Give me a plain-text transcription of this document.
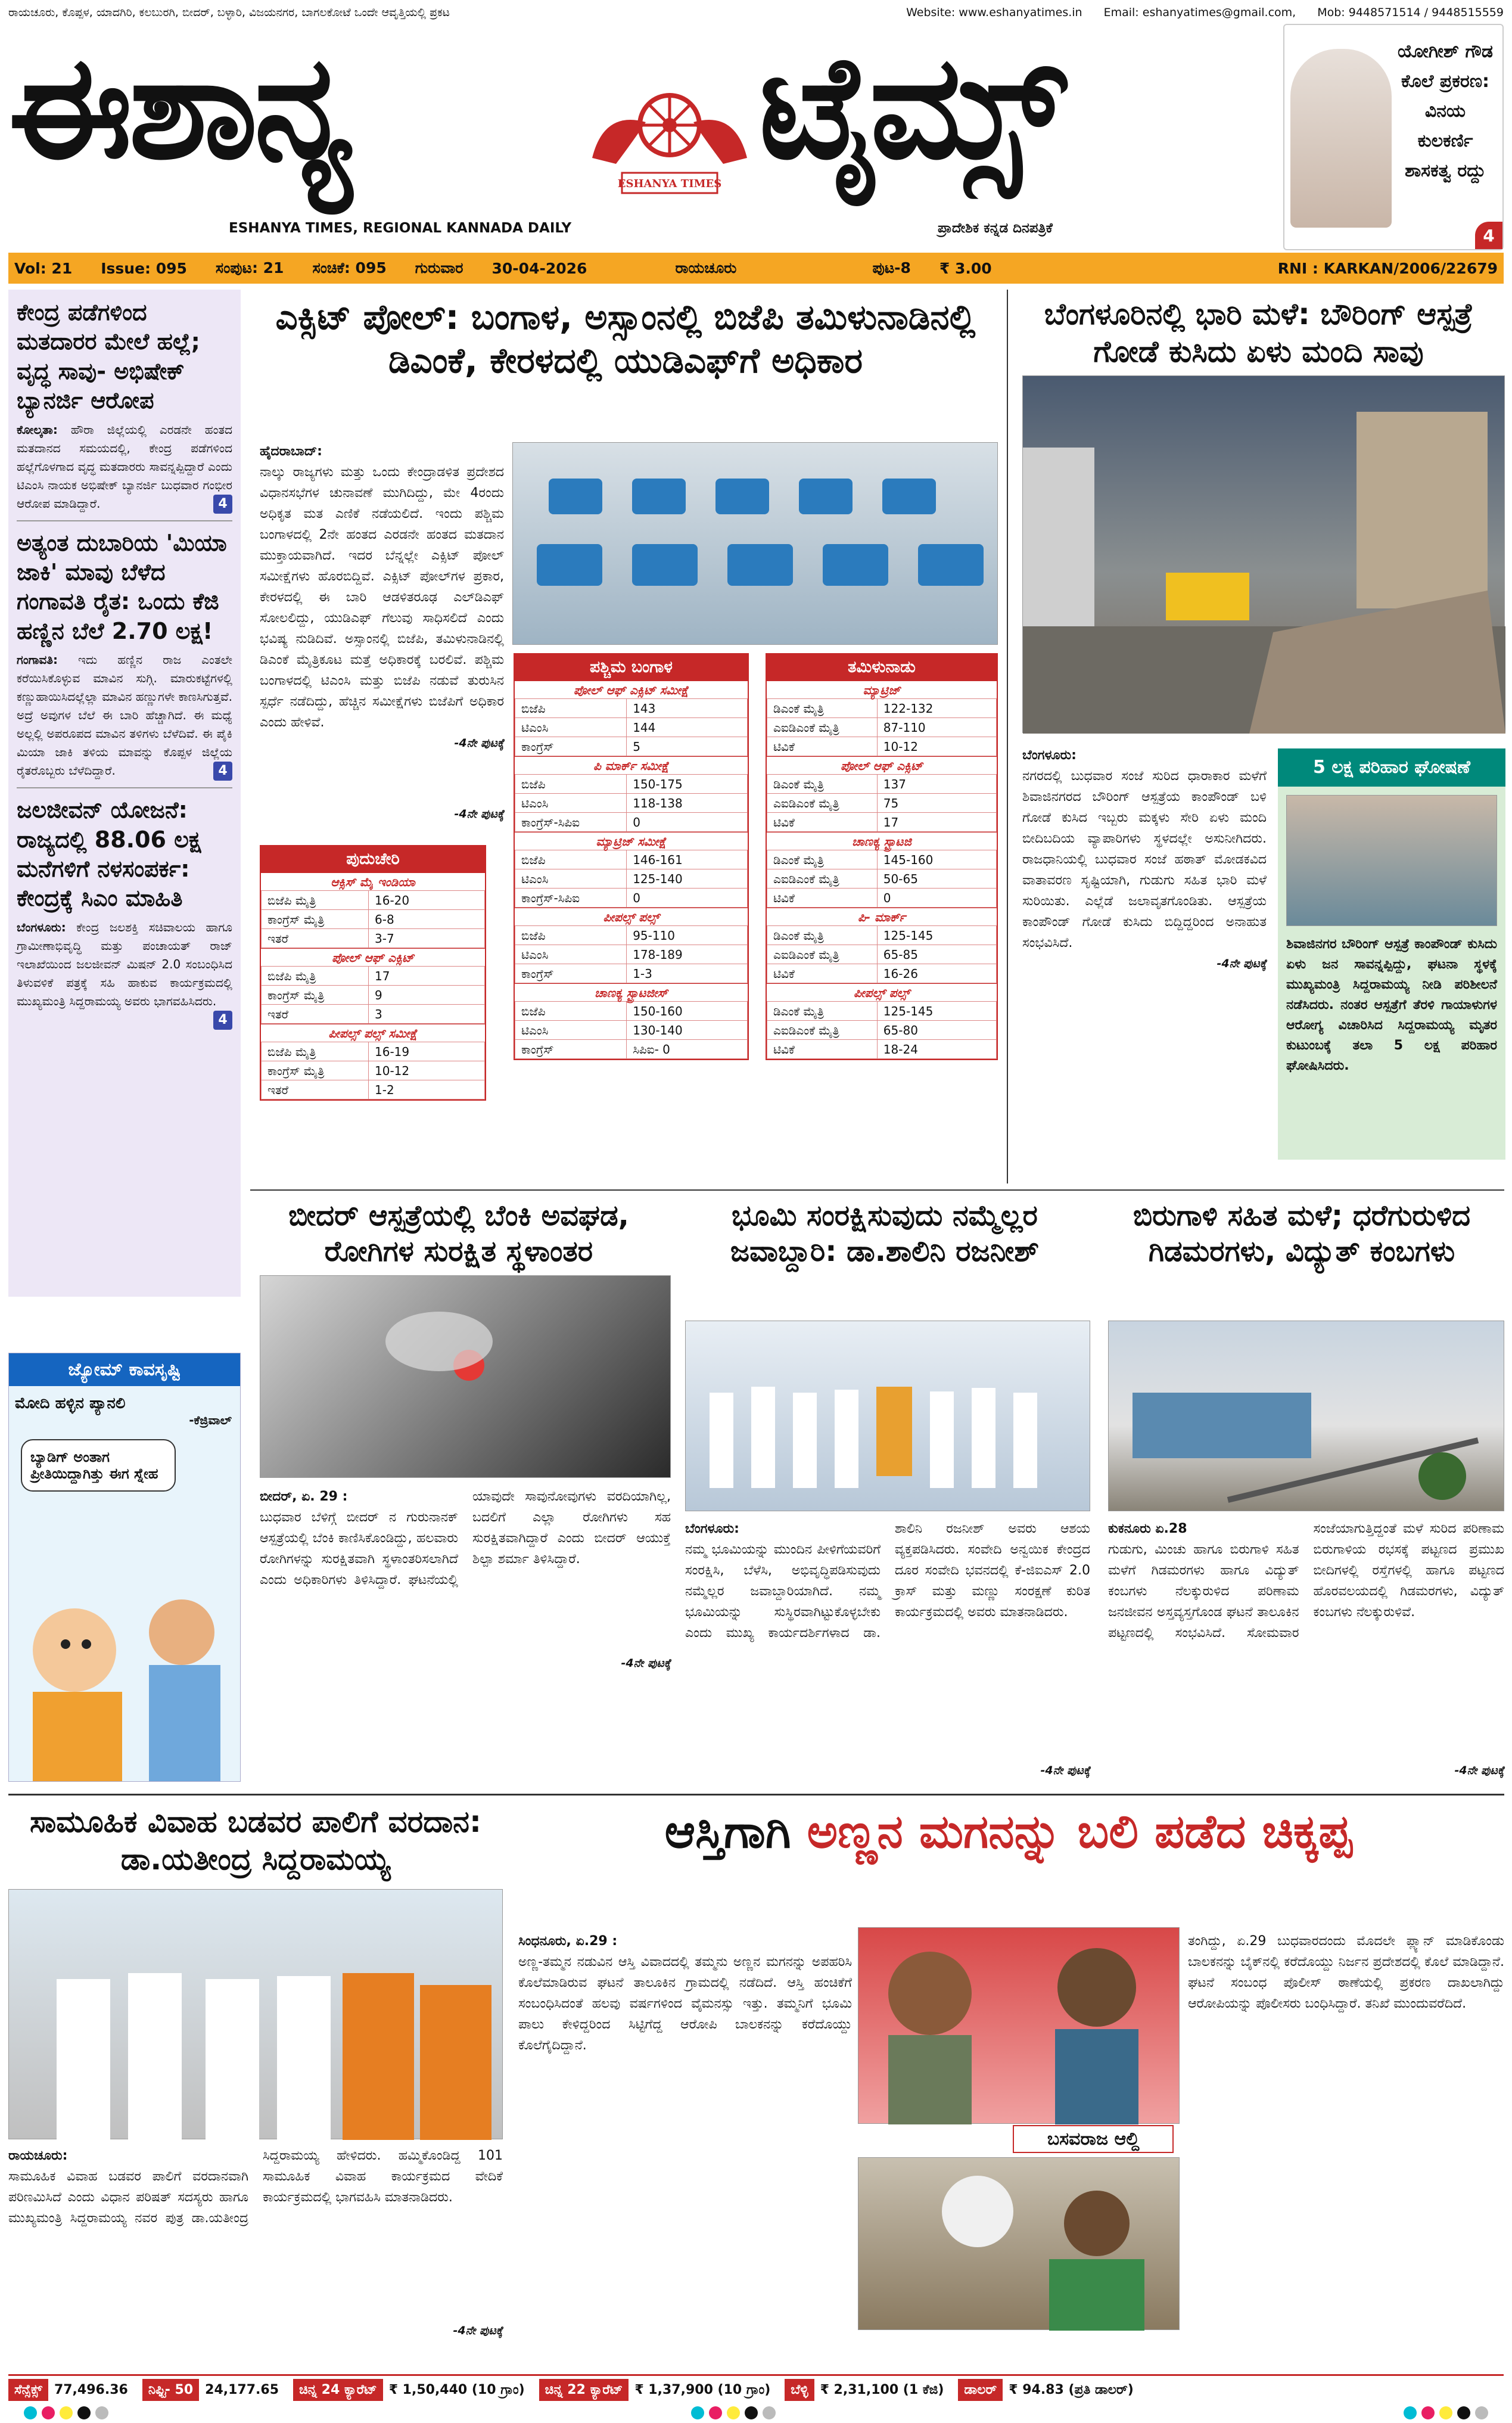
ರಾಯಚೂರು, ಕೊಪ್ಪಳ, ಯಾದಗಿರಿ, ಕಲಬುರಗಿ, ಬೀದರ್, ಬಳ್ಳಾರಿ, ವಿಜಯನಗರ, ಬಾಗಲಕೋಟೆ ಒಂದೇ ಆವೃತ್ತಿಯಲ್ಲಿ ಪ್ರಕಟ	Website: www.eshanyatimes.in Email: eshanyatimes@gmail.com, Mob: 9448571514 / 9448515559
ಈಶಾನ್ಯ	ESHANYA TIMES ಟೈಮ್ಸ್
ESHANYA TIMES, REGIONAL KANNADA DAILY	ಪ್ರಾದೇಶಿಕ ಕನ್ನಡ ದಿನಪತ್ರಿಕೆ
ಯೋಗೀಶ್ ಗೌಡ
ಕೊಲೆ ಪ್ರಕರಣ:
ವಿನಯ
ಕುಲಕರ್ಣಿ
ಶಾಸಕತ್ವ ರದ್ದು
4
Vol: 21 Issue: 095 ಸಂಪುಟ: 21 ಸಂಚಿಕೆ: 095 ಗುರುವಾರ 30-04-2026	ರಾಯಚೂರು	ಪುಟ-8 ₹ 3.00	RNI : KARKAN/2006/22679
ಕೇಂದ್ರ ಪಡೆಗಳಿಂದ ಮತದಾರರ ಮೇಲೆ ಹಲ್ಲೆ; ವೃದ್ಧ ಸಾವು- ಅಭಿಷೇಕ್ ಬ್ಯಾನರ್ಜಿ ಆರೋಪ
ಕೋಲ್ಕತಾ: ಹೌರಾ ಜಿಲ್ಲೆಯಲ್ಲಿ ಎರಡನೇ ಹಂತದ ಮತದಾನದ ಸಮಯದಲ್ಲಿ, ಕೇಂದ್ರ ಪಡೆಗಳಿಂದ ಹಲ್ಲೆಗೊಳಗಾದ ವೃದ್ಧ ಮತದಾರರು ಸಾವನ್ನಪ್ಪಿದ್ದಾರೆ ಎಂದು ಟಿಎಂಸಿ ನಾಯಕ ಅಭಿಷೇಕ್ ಬ್ಯಾನರ್ಜಿ ಬುಧವಾರ ಗಂಭೀರ ಆರೋಪ ಮಾಡಿದ್ದಾರೆ.	4
ಅತ್ಯಂತ ದುಬಾರಿಯ 'ಮಿಯಾ ಜಾಕಿ' ಮಾವು ಬೆಳೆದ ಗಂಗಾವತಿ ರೈತ: ಒಂದು ಕೆಜಿ ಹಣ್ಣಿನ ಬೆಲೆ 2.70 ಲಕ್ಷ!
ಗಂಗಾವತಿ: ಇದು ಹಣ್ಣಿನ ರಾಜ ಎಂತಲೇ ಕರೆಯಿಸಿಕೊಳ್ಳುವ ಮಾವಿನ ಸುಗ್ಗಿ. ಮಾರುಕಟ್ಟೆಗಳಲ್ಲಿ ಕಣ್ಣುಹಾಯಿಸಿದಲ್ಲೆಲ್ಲಾ ಮಾವಿನ ಹಣ್ಣುಗಳೇ ಕಾಣಸಿಗುತ್ತವೆ. ಅದ್ರೆ ಅವುಗಳ ಬೆಲೆ ಈ ಬಾರಿ ಹೆಚ್ಚಾಗಿದೆ. ಈ ಮಧ್ಯೆ ಅಲ್ಲಲ್ಲಿ ಅಪರೂಪದ ಮಾವಿನ ತಳಿಗಳು ಬೆಳೆದಿವೆ. ಈ ಪೈಕಿ ಮಿಯಾ ಜಾಕಿ ತಳಿಯ ಮಾವನ್ನು ಕೊಪ್ಪಳ ಜಿಲ್ಲೆಯ ರೈತರೊಬ್ಬರು ಬೆಳೆದಿದ್ದಾರೆ.	4
ಜಲಜೀವನ್ ಯೋಜನೆ: ರಾಜ್ಯದಲ್ಲಿ 88.06 ಲಕ್ಷ ಮನೆಗಳಿಗೆ ನಳಸಂಪರ್ಕ: ಕೇಂದ್ರಕ್ಕೆ ಸಿಎಂ ಮಾಹಿತಿ
ಬೆಂಗಳೂರು: ಕೇಂದ್ರ ಜಲಶಕ್ತಿ ಸಚಿವಾಲಯ ಹಾಗೂ ಗ್ರಾಮೀಣಾಭಿವೃದ್ಧಿ ಮತ್ತು ಪಂಚಾಯತ್ ರಾಜ್ ಇಲಾಖೆಯಿಂದ ಜಲಜೀವನ್ ಮಿಷನ್ 2.0 ಸಂಬಂಧಿಸಿದ ತಿಳುವಳಿಕೆ ಪತ್ರಕ್ಕೆ ಸಹಿ ಹಾಕುವ ಕಾರ್ಯಕ್ರಮದಲ್ಲಿ ಮುಖ್ಯಮಂತ್ರಿ ಸಿದ್ದರಾಮಯ್ಯ ಅವರು ಭಾಗವಹಿಸಿದರು.
4
ಜ್ಯೋಮ್ ಕಾವಸೃಷ್ಟಿ
ಮೋದಿ ಹಳ್ಳಿನ ಪ್ಯಾನಲಿ
-ಕೆಜ್ರಿವಾಲ್
ಬ್ಯಾಡಿಗ್ ಅಂತಾಗ ಪ್ರೀತಿಯಿದ್ದಾಗಿತ್ತು ಈಗ ಸ್ನೇಹ
ಎಕ್ಸಿಟ್ ಪೋಲ್: ಬಂಗಾಳ, ಅಸ್ಸಾಂನಲ್ಲಿ ಬಿಜೆಪಿ ತಮಿಳುನಾಡಿನಲ್ಲಿ ಡಿಎಂಕೆ, ಕೇರಳದಲ್ಲಿ ಯುಡಿಎಫ್‌ಗೆ ಅಧಿಕಾರ
ಹೈದರಾಬಾದ್:
ನಾಲ್ಕು ರಾಜ್ಯಗಳು ಮತ್ತು ಒಂದು ಕೇಂದ್ರಾಡಳಿತ ಪ್ರದೇಶದ ವಿಧಾನಸಭೆಗಳ ಚುನಾವಣೆ ಮುಗಿದಿದ್ದು, ಮೇ 4ರಂದು ಅಧಿಕೃತ ಮತ ಎಣಿಕೆ ನಡೆಯಲಿದೆ. ಇಂದು ಪಶ್ಚಿಮ ಬಂಗಾಳದಲ್ಲಿ 2ನೇ ಹಂತದ ಎರಡನೇ ಹಂತದ ಮತದಾನ ಮುಕ್ತಾಯವಾಗಿದೆ. ಇದರ ಬೆನ್ನಲ್ಲೇ ಎಕ್ಸಿಟ್ ಪೋಲ್ ಸಮೀಕ್ಷೆಗಳು ಹೊರಬಿದ್ದಿವೆ. ಎಕ್ಸಿಟ್ ಪೋಲ್‌ಗಳ ಪ್ರಕಾರ, ಕೇರಳದಲ್ಲಿ ಈ ಬಾರಿ ಆಡಳಿತರೂಢ ಎಲ್‌ಡಿಎಫ್‌ ಸೋಲಲಿದ್ದು, ಯುಡಿಎಫ್ ಗೆಲುವು ಸಾಧಿಸಲಿದೆ ಎಂದು ಭವಿಷ್ಯ ನುಡಿದಿವೆ. ಅಸ್ಸಾಂನಲ್ಲಿ ಬಿಜೆಪಿ, ತಮಿಳುನಾಡಿನಲ್ಲಿ ಡಿಎಂಕೆ ಮೈತ್ರಿಕೂಟ ಮತ್ತೆ ಅಧಿಕಾರಕ್ಕೆ ಬರಲಿವೆ. ಪಶ್ಚಿಮ ಬಂಗಾಳದಲ್ಲಿ ಟಿಎಂಸಿ ಮತ್ತು ಬಿಜೆಪಿ ನಡುವೆ ತುರುಸಿನ ಸ್ಪರ್ಧೆ ನಡೆದಿದ್ದು, ಹೆಚ್ಚಿನ ಸಮೀಕ್ಷೆಗಳು ಬಿಜೆಪಿಗೆ ಅಧಿಕಾರ ಎಂದು ಹೇಳಿವೆ.
-4ನೇ ಪುಟಕ್ಕೆ
ಪುದುಚೇರಿ
ಆಕ್ಸಿಸ್ ಮೈ ಇಂಡಿಯಾ
ಬಿಜೆಪಿ ಮೈತ್ರಿ	16-20
ಕಾಂಗ್ರೆಸ್ ಮೈತ್ರಿ	6-8
ಇತರೆ	3-7
ಪೋಲ್ ಆಫ್ ಎಕ್ಸಿಟ್
ಬಿಜೆಪಿ ಮೈತ್ರಿ	17
ಕಾಂಗ್ರೆಸ್ ಮೈತ್ರಿ	9
ಇತರೆ	3
ಪೀಪಲ್ಸ್ ಪಲ್ಸ್ ಸಮೀಕ್ಷೆ
ಬಿಜೆಪಿ ಮೈತ್ರಿ	16-19
ಕಾಂಗ್ರೆಸ್ ಮೈತ್ರಿ	10-12
ಇತರೆ	1-2
ಪಶ್ಚಿಮ ಬಂಗಾಳ
ಪೋಲ್ ಆಫ್ ಎಕ್ಸಿಟ್ ಸಮೀಕ್ಷೆ
ಬಿಜೆಪಿ	143
ಟಿಎಂಸಿ	144
ಕಾಂಗ್ರೆಸ್	5
ಪಿ ಮಾರ್ಕ್ ಸಮೀಕ್ಷೆ
ಬಿಜೆಪಿ	150-175
ಟಿಎಂಸಿ	118-138
ಕಾಂಗ್ರೆಸ್-ಸಿಪಿಐ	0
ಮ್ಯಾಟ್ರಿಜ್ ಸಮೀಕ್ಷೆ
ಬಿಜೆಪಿ	146-161
ಟಿಎಂಸಿ	125-140
ಕಾಂಗ್ರೆಸ್-ಸಿಪಿಐ	0
ಪೀಪಲ್ಸ್ ಪಲ್ಸ್
ಬಿಜೆಪಿ	95-110
ಟಿಎಂಸಿ	178-189
ಕಾಂಗ್ರೆಸ್	1-3
ಚಾಣಕ್ಯ ಸ್ಟ್ರಾಟಜೀಸ್
ಬಿಜೆಪಿ	150-160
ಟಿಎಂಸಿ	130-140
ಕಾಂಗ್ರೆಸ್	ಸಿಪಿಐ- 0
ತಮಿಳುನಾಡು
ಮ್ಯಾಟ್ರಿಜ್
ಡಿಎಂಕೆ ಮೈತ್ರಿ	122-132
ಎಐಡಿಎಂಕೆ ಮೈತ್ರಿ	87-110
ಟಿವಿಕೆ	10-12
ಪೋಲ್ ಆಫ್ ಎಕ್ಸಿಟ್
ಡಿಎಂಕೆ ಮೈತ್ರಿ	137
ಎಐಡಿಎಂಕೆ ಮೈತ್ರಿ	75
ಟಿವಿಕೆ	17
ಚಾಣಕ್ಯ ಸ್ಟ್ರಾಟಜಿ
ಡಿಎಂಕೆ ಮೈತ್ರಿ	145-160
ಎಐಡಿಎಂಕೆ ಮೈತ್ರಿ	50-65
ಟಿವಿಕೆ	0
ಪಿ- ಮಾರ್ಕ್
ಡಿಎಂಕೆ ಮೈತ್ರಿ	125-145
ಎಐಡಿಎಂಕೆ ಮೈತ್ರಿ	65-85
ಟಿವಿಕೆ	16-26
ಪೀಪಲ್ಸ್ ಪಲ್ಸ್
ಡಿಎಂಕೆ ಮೈತ್ರಿ	125-145
ಎಐಡಿಎಂಕೆ ಮೈತ್ರಿ	65-80
ಟಿವಿಕೆ	18-24
-4ನೇ ಪುಟಕ್ಕೆ
ಬೆಂಗಳೂರಿನಲ್ಲಿ ಭಾರಿ ಮಳೆ: ಬೌರಿಂಗ್ ಆಸ್ಪತ್ರೆ ಗೋಡೆ ಕುಸಿದು ಏಳು ಮಂದಿ ಸಾವು
ಬೆಂಗಳೂರು:
ನಗರದಲ್ಲಿ ಬುಧವಾರ ಸಂಜೆ ಸುರಿದ ಧಾರಾಕಾರ ಮಳೆಗೆ ಶಿವಾಜಿನಗರದ ಬೌರಿಂಗ್ ಆಸ್ಪತ್ರೆಯ ಕಾಂಪೌಂಡ್ ಬಳಿ ಗೋಡೆ ಕುಸಿದ ಇಬ್ಬರು ಮಕ್ಕಳು ಸೇರಿ ಏಳು ಮಂದಿ ಬೀದಿಬದಿಯ ವ್ಯಾಪಾರಿಗಳು ಸ್ಥಳದಲ್ಲೇ ಅಸುನೀಗಿದರು. ರಾಜಧಾನಿಯಲ್ಲಿ ಬುಧವಾರ ಸಂಜೆ ಹಠಾತ್ ಮೋಡಕವಿದ ವಾತಾವರಣ ಸೃಷ್ಟಿಯಾಗಿ, ಗುಡುಗು ಸಹಿತ ಭಾರಿ ಮಳೆ ಸುರಿಯಿತು. ಎಲ್ಲೆಡೆ ಜಲಾವೃತಗೊಂಡಿತು. ಆಸ್ಪತ್ರೆಯ ಕಾಂಪೌಂಡ್ ಗೋಡೆ ಕುಸಿದು ಬಿದ್ದಿದ್ದರಿಂದ ಅನಾಹುತ ಸಂಭವಿಸಿದೆ.
-4ನೇ ಪುಟಕ್ಕೆ
5 ಲಕ್ಷ ಪರಿಹಾರ ಘೋಷಣೆ
ಶಿವಾಜಿನಗರ ಬೌರಿಂಗ್ ಆಸ್ಪತ್ರೆ ಕಾಂಪೌಂಡ್ ಕುಸಿದು ಏಳು ಜನ ಸಾವನ್ನಪ್ಪಿದ್ದು, ಘಟನಾ ಸ್ಥಳಕ್ಕೆ ಮುಖ್ಯಮಂತ್ರಿ ಸಿದ್ದರಾಮಯ್ಯ ನೀಡಿ ಪರಿಶೀಲನೆ ನಡೆಸಿದರು. ನಂತರ ಆಸ್ಪತ್ರೆಗೆ ತೆರಳಿ ಗಾಯಾಳುಗಳ ಆರೋಗ್ಯ ವಿಚಾರಿಸಿದ ಸಿದ್ದರಾಮಯ್ಯ ಮೃತರ ಕುಟುಂಬಕ್ಕೆ ತಲಾ 5 ಲಕ್ಷ ಪರಿಹಾರ ಘೋಷಿಸಿದರು.
ಬೀದರ್ ಆಸ್ಪತ್ರೆಯಲ್ಲಿ ಬೆಂಕಿ ಅವಘಡ, ರೋಗಿಗಳ ಸುರಕ್ಷಿತ ಸ್ಥಳಾಂತರ
ಬೀದರ್, ಏ. 29 :
ಬುಧವಾರ ಬೆಳಿಗ್ಗೆ ಬೀದರ್ ನ ಗುರುನಾನಕ್ ಆಸ್ಪತ್ರೆಯಲ್ಲಿ ಬೆಂಕಿ ಕಾಣಿಸಿಕೊಂಡಿದ್ದು, ಹಲವಾರು ರೋಗಿಗಳನ್ನು ಸುರಕ್ಷಿತವಾಗಿ ಸ್ಥಳಾಂತರಿಸಲಾಗಿದೆ ಎಂದು ಅಧಿಕಾರಿಗಳು ತಿಳಿಸಿದ್ದಾರೆ. ಘಟನೆಯಲ್ಲಿ ಯಾವುದೇ ಸಾವುನೋವುಗಳು ವರದಿಯಾಗಿಲ್ಲ, ಬದಲಿಗೆ ಎಲ್ಲಾ ರೋಗಿಗಳು ಸಹ ಸುರಕ್ಷಿತವಾಗಿದ್ದಾರೆ ಎಂದು ಬೀದರ್ ಆಯುಕ್ತೆ ಶಿಲ್ಪಾ ಶರ್ಮಾ ತಿಳಿಸಿದ್ದಾರೆ.
-4ನೇ ಪುಟಕ್ಕೆ
ಭೂಮಿ ಸಂರಕ್ಷಿಸುವುದು ನಮ್ಮೆಲ್ಲರ ಜವಾಬ್ದಾರಿ: ಡಾ.ಶಾಲಿನಿ ರಜನೀಶ್
ಬೆಂಗಳೂರು:
ನಮ್ಮ ಭೂಮಿಯನ್ನು ಮುಂದಿನ ಪೀಳಿಗೆಯವರಿಗೆ ಸಂರಕ್ಷಿಸಿ, ಬೆಳೆಸಿ, ಅಭಿವೃದ್ಧಿಪಡಿಸುವುದು ನಮ್ಮೆಲ್ಲರ ಜವಾಬ್ದಾರಿಯಾಗಿದೆ. ನಮ್ಮ ಭೂಮಿಯನ್ನು ಸುಸ್ಥಿರವಾಗಿಟ್ಟುಕೊಳ್ಳಬೇಕು ಎಂದು ಮುಖ್ಯ ಕಾರ್ಯದರ್ಶಿಗಳಾದ ಡಾ. ಶಾಲಿನಿ ರಜನೀಶ್ ಅವರು ಆಶಯ ವ್ಯಕ್ತಪಡಿಸಿದರು. ಸಂವೇದಿ ಅನ್ವಯಿಕ ಕೇಂದ್ರದ ದೂರ ಸಂವೇದಿ ಭವನದಲ್ಲಿ ಕೆ-ಜಿಐಎಸ್ 2.0 ಕ್ರಾಸ್ ಮತ್ತು ಮಣ್ಣು ಸಂರಕ್ಷಣೆ ಕುರಿತ ಕಾರ್ಯಕ್ರಮದಲ್ಲಿ ಅವರು ಮಾತನಾಡಿದರು.
-4ನೇ ಪುಟಕ್ಕೆ
ಬಿರುಗಾಳಿ ಸಹಿತ ಮಳೆ; ಧರೆಗುರುಳಿದ ಗಿಡಮರಗಳು, ವಿದ್ಯುತ್ ಕಂಬಗಳು
ಕುಕನೂರು ಏ.28
ಗುಡುಗು, ಮಿಂಚು ಹಾಗೂ ಬಿರುಗಾಳಿ ಸಹಿತ ಮಳೆಗೆ ಗಿಡಮರಗಳು ಹಾಗೂ ವಿದ್ಯುತ್ ಕಂಬಗಳು ನೆಲಕ್ಕುರುಳಿದ ಪರಿಣಾಮ ಜನಜೀವನ ಅಸ್ತವ್ಯಸ್ತಗೊಂಡ ಘಟನೆ ತಾಲೂಕಿನ ಪಟ್ಟಣದಲ್ಲಿ ಸಂಭವಿಸಿದೆ. ಸೋಮವಾರ ಸಂಜೆಯಾಗುತ್ತಿದ್ದಂತೆ ಮಳೆ ಸುರಿದ ಪರಿಣಾಮ ಬಿರುಗಾಳಿಯ ರಭಸಕ್ಕೆ ಪಟ್ಟಣದ ಪ್ರಮುಖ ಬೀದಿಗಳಲ್ಲಿ ರಸ್ತೆಗಳಲ್ಲಿ ಹಾಗೂ ಪಟ್ಟಣದ ಹೊರವಲಯದಲ್ಲಿ ಗಿಡಮರಗಳು, ವಿದ್ಯುತ್ ಕಂಬಗಳು ನೆಲಕ್ಕುರುಳಿವೆ.
-4ನೇ ಪುಟಕ್ಕೆ
ಸಾಮೂಹಿಕ ವಿವಾಹ ಬಡವರ ಪಾಲಿಗೆ ವರದಾನ: ಡಾ.ಯತೀಂದ್ರ ಸಿದ್ದರಾಮಯ್ಯ
ರಾಯಚೂರು:
ಸಾಮೂಹಿಕ ವಿವಾಹ ಬಡವರ ಪಾಲಿಗೆ ವರದಾನವಾಗಿ ಪರಿಣಮಿಸಿದೆ ಎಂದು ವಿಧಾನ ಪರಿಷತ್ ಸದಸ್ಯರು ಹಾಗೂ ಮುಖ್ಯಮಂತ್ರಿ ಸಿದ್ದರಾಮಯ್ಯ ನವರ ಪುತ್ರ ಡಾ.ಯತೀಂದ್ರ ಸಿದ್ದರಾಮಯ್ಯ ಹೇಳಿದರು. ಹಮ್ಮಿಕೊಂಡಿದ್ದ 101 ಸಾಮೂಹಿಕ ವಿವಾಹ ಕಾರ್ಯಕ್ರಮದ ವೇದಿಕೆ ಕಾರ್ಯಕ್ರಮದಲ್ಲಿ ಭಾಗವಹಿಸಿ ಮಾತನಾಡಿದರು.
-4ನೇ ಪುಟಕ್ಕೆ
ಆಸ್ತಿಗಾಗಿ ಅಣ್ಣನ ಮಗನನ್ನು ಬಲಿ ಪಡೆದ ಚಿಕ್ಕಪ್ಪ
ಸಿಂಧನೂರು, ಏ.29 :
ಅಣ್ಣ-ತಮ್ಮನ ನಡುವಿನ ಆಸ್ತಿ ವಿವಾದದಲ್ಲಿ ತಮ್ಮನು ಅಣ್ಣನ ಮಗನನ್ನು ಅಪಹರಿಸಿ ಕೊಲೆಮಾಡಿರುವ ಘಟನೆ ತಾಲೂಕಿನ ಗ್ರಾಮದಲ್ಲಿ ನಡೆದಿದೆ. ಆಸ್ತಿ ಹಂಚಿಕೆಗೆ ಸಂಬಂಧಿಸಿದಂತೆ ಹಲವು ವರ್ಷಗಳಿಂದ ವೈಮನಸ್ಸು ಇತ್ತು. ತಮ್ಮನಿಗೆ ಭೂಮಿ ಪಾಲು ಕೇಳಿದ್ದರಿಂದ ಸಿಟ್ಟಿಗೆದ್ದ ಆರೋಪಿ ಬಾಲಕನನ್ನು ಕರೆದೊಯ್ದು ಕೊಲೆಗೈದಿದ್ದಾನೆ.
ಬಸವರಾಜ ಆಲ್ದಿ
ತಂಗಿದ್ದು, ಏ.29 ಬುಧವಾರದಂದು ಮೊದಲೇ ಪ್ಲ್ಯಾನ್ ಮಾಡಿಕೊಂಡು ಬಾಲಕನನ್ನು ಬೈಕ್‌ನಲ್ಲಿ ಕರೆದೊಯ್ದು ನಿರ್ಜನ ಪ್ರದೇಶದಲ್ಲಿ ಕೊಲೆ ಮಾಡಿದ್ದಾನೆ. ಘಟನೆ ಸಂಬಂಧ ಪೊಲೀಸ್ ಠಾಣೆಯಲ್ಲಿ ಪ್ರಕರಣ ದಾಖಲಾಗಿದ್ದು ಆರೋಪಿಯನ್ನು ಪೊಲೀಸರು ಬಂಧಿಸಿದ್ದಾರೆ. ತನಿಖೆ ಮುಂದುವರೆದಿದೆ.
ಸೆನ್ಸೆಕ್ಸ್ 77,496.36	ನಿಫ್ಟಿ- 50 24,177.65	ಚಿನ್ನ 24 ಕ್ಯಾರೆಟ್ ₹ 1,50,440 (10 ಗ್ರಾಂ)	ಚಿನ್ನ 22 ಕ್ಯಾರೆಟ್ ₹ 1,37,900 (10 ಗ್ರಾಂ)	ಬೆಳ್ಳಿ ₹ 2,31,100 (1 ಕೆಜಿ)	ಡಾಲರ್ ₹ 94.83 (ಪ್ರತಿ ಡಾಲರ್)
